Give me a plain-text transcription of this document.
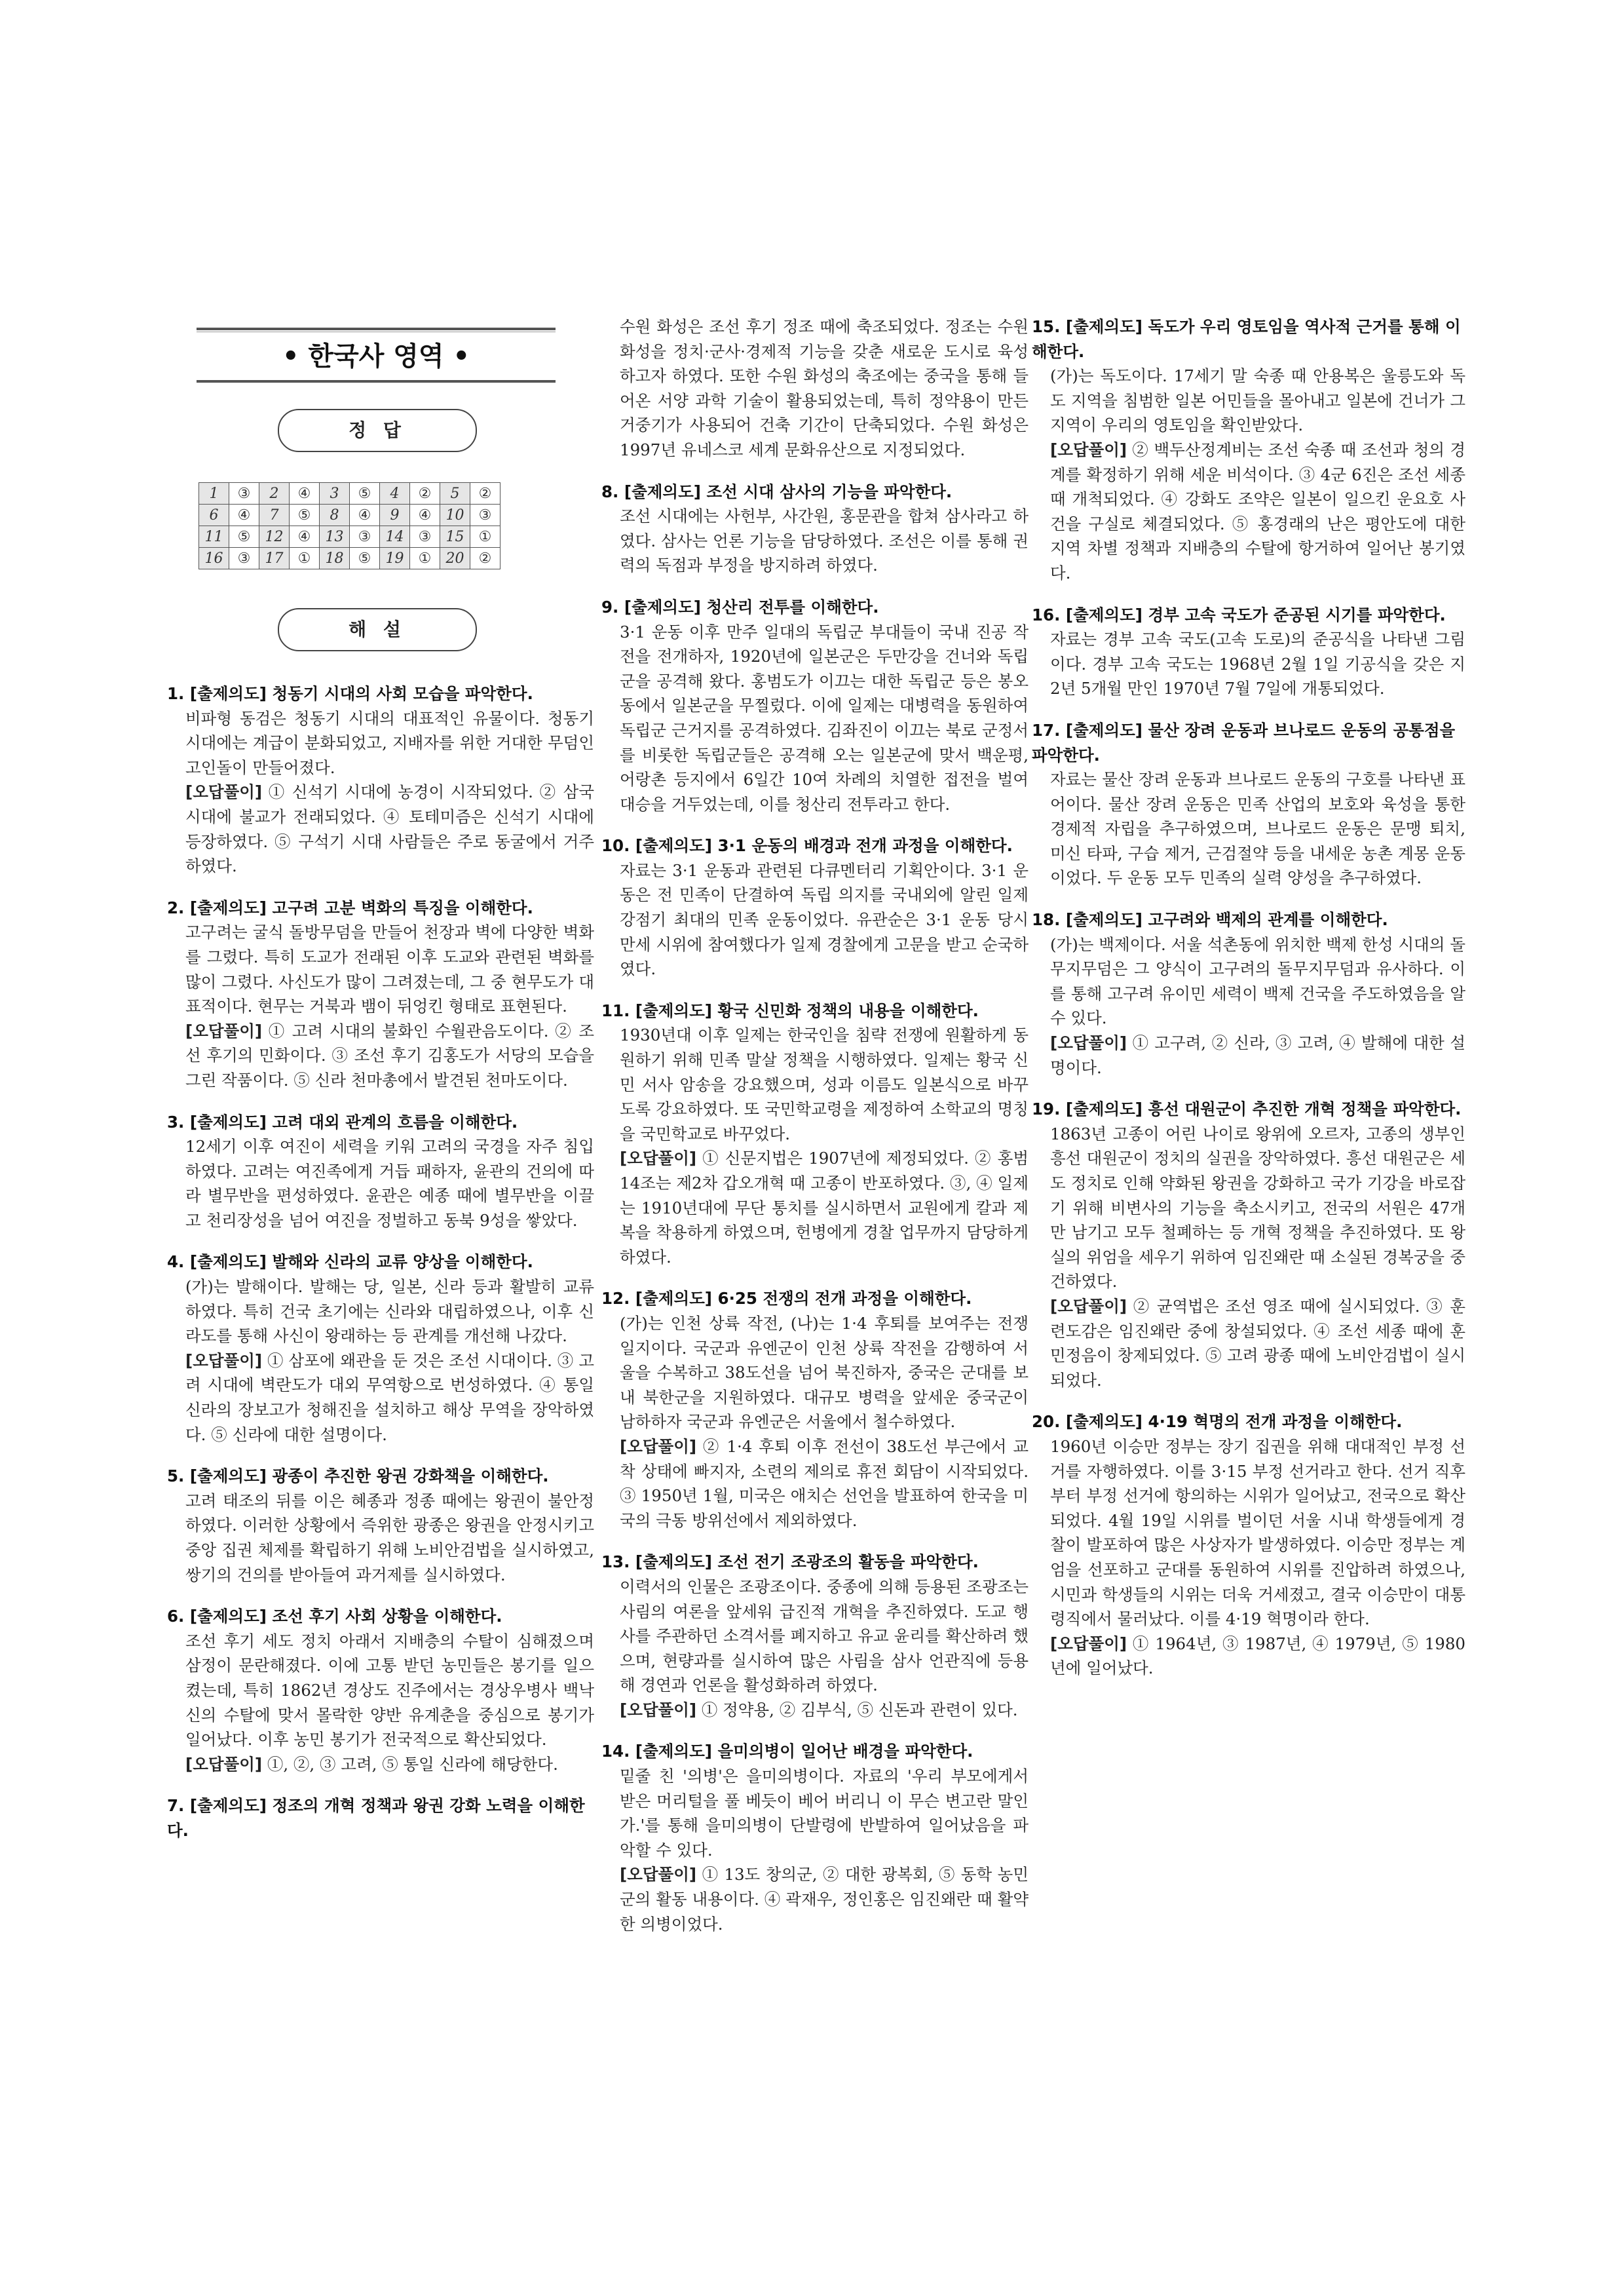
• 한국사 영역 •
정 답
1	③	2	④	3	⑤	4	②	5	②
6	④	7	⑤	8	④	9	④	10	③
11	⑤	12	④	13	③	14	③	15	①
16	③	17	①	18	⑤	19	①	20	②
해 설

1. [출제의도] 청동기 시대의 사회 모습을 파악한다.

비파형 동검은 청동기 시대의 대표적인 유물이다. 청동기 시대에는 계급이 분화되었고, 지배자를 위한 거대한 무덤인 고인돌이 만들어졌다.

[오답풀이] ① 신석기 시대에 농경이 시작되었다. ② 삼국 시대에 불교가 전래되었다. ④ 토테미즘은 신석기 시대에 등장하였다. ⑤ 구석기 시대 사람들은 주로 동굴에서 거주하였다.

2. [출제의도] 고구려 고분 벽화의 특징을 이해한다.

고구려는 굴식 돌방무덤을 만들어 천장과 벽에 다양한 벽화를 그렸다. 특히 도교가 전래된 이후 도교와 관련된 벽화를 많이 그렸다. 사신도가 많이 그려졌는데, 그 중 현무도가 대표적이다. 현무는 거북과 뱀이 뒤엉킨 형태로 표현된다.

[오답풀이] ① 고려 시대의 불화인 수월관음도이다. ② 조선 후기의 민화이다. ③ 조선 후기 김홍도가 서당의 모습을 그린 작품이다. ⑤ 신라 천마총에서 발견된 천마도이다.

3. [출제의도] 고려 대외 관계의 흐름을 이해한다.

12세기 이후 여진이 세력을 키워 고려의 국경을 자주 침입하였다. 고려는 여진족에게 거듭 패하자, 윤관의 건의에 따라 별무반을 편성하였다. 윤관은 예종 때에 별무반을 이끌고 천리장성을 넘어 여진을 정벌하고 동북 9성을 쌓았다.

4. [출제의도] 발해와 신라의 교류 양상을 이해한다.

(가)는 발해이다. 발해는 당, 일본, 신라 등과 활발히 교류하였다. 특히 건국 초기에는 신라와 대립하였으나, 이후 신라도를 통해 사신이 왕래하는 등 관계를 개선해 나갔다.

[오답풀이] ① 삼포에 왜관을 둔 것은 조선 시대이다. ③ 고려 시대에 벽란도가 대외 무역항으로 번성하였다. ④ 통일 신라의 장보고가 청해진을 설치하고 해상 무역을 장악하였다. ⑤ 신라에 대한 설명이다.

5. [출제의도] 광종이 추진한 왕권 강화책을 이해한다.

고려 태조의 뒤를 이은 혜종과 정종 때에는 왕권이 불안정하였다. 이러한 상황에서 즉위한 광종은 왕권을 안정시키고 중앙 집권 체제를 확립하기 위해 노비안검법을 실시하였고, 쌍기의 건의를 받아들여 과거제를 실시하였다.

6. [출제의도] 조선 후기 사회 상황을 이해한다.

조선 후기 세도 정치 아래서 지배층의 수탈이 심해졌으며 삼정이 문란해졌다. 이에 고통 받던 농민들은 봉기를 일으켰는데, 특히 1862년 경상도 진주에서는 경상우병사 백낙신의 수탈에 맞서 몰락한 양반 유계춘을 중심으로 봉기가 일어났다. 이후 농민 봉기가 전국적으로 확산되었다.

[오답풀이] ①, ②, ③ 고려, ⑤ 통일 신라에 해당한다.

7. [출제의도] 정조의 개혁 정책과 왕권 강화 노력을 이해한다.

수원 화성은 조선 후기 정조 때에 축조되었다. 정조는 수원 화성을 정치·군사·경제적 기능을 갖춘 새로운 도시로 육성하고자 하였다. 또한 수원 화성의 축조에는 중국을 통해 들어온 서양 과학 기술이 활용되었는데, 특히 정약용이 만든 거중기가 사용되어 건축 기간이 단축되었다. 수원 화성은 1997년 유네스코 세계 문화유산으로 지정되었다.

8. [출제의도] 조선 시대 삼사의 기능을 파악한다.

조선 시대에는 사헌부, 사간원, 홍문관을 합쳐 삼사라고 하였다. 삼사는 언론 기능을 담당하였다. 조선은 이를 통해 권력의 독점과 부정을 방지하려 하였다.

9. [출제의도] 청산리 전투를 이해한다.

3·1 운동 이후 만주 일대의 독립군 부대들이 국내 진공 작전을 전개하자, 1920년에 일본군은 두만강을 건너와 독립군을 공격해 왔다. 홍범도가 이끄는 대한 독립군 등은 봉오동에서 일본군을 무찔렀다. 이에 일제는 대병력을 동원하여 독립군 근거지를 공격하였다. 김좌진이 이끄는 북로 군정서를 비롯한 독립군들은 공격해 오는 일본군에 맞서 백운평, 어랑촌 등지에서 6일간 10여 차례의 치열한 접전을 벌여 대승을 거두었는데, 이를 청산리 전투라고 한다.

10. [출제의도] 3·1 운동의 배경과 전개 과정을 이해한다.

자료는 3·1 운동과 관련된 다큐멘터리 기획안이다. 3·1 운동은 전 민족이 단결하여 독립 의지를 국내외에 알린 일제 강점기 최대의 민족 운동이었다. 유관순은 3·1 운동 당시 만세 시위에 참여했다가 일제 경찰에게 고문을 받고 순국하였다.

11. [출제의도] 황국 신민화 정책의 내용을 이해한다.

1930년대 이후 일제는 한국인을 침략 전쟁에 원활하게 동원하기 위해 민족 말살 정책을 시행하였다. 일제는 황국 신민 서사 암송을 강요했으며, 성과 이름도 일본식으로 바꾸도록 강요하였다. 또 국민학교령을 제정하여 소학교의 명칭을 국민학교로 바꾸었다.

[오답풀이] ① 신문지법은 1907년에 제정되었다. ② 홍범 14조는 제2차 갑오개혁 때 고종이 반포하였다. ③, ④ 일제는 1910년대에 무단 통치를 실시하면서 교원에게 칼과 제복을 착용하게 하였으며, 헌병에게 경찰 업무까지 담당하게 하였다.

12. [출제의도] 6·25 전쟁의 전개 과정을 이해한다.

(가)는 인천 상륙 작전, (나)는 1·4 후퇴를 보여주는 전쟁 일지이다. 국군과 유엔군이 인천 상륙 작전을 감행하여 서울을 수복하고 38도선을 넘어 북진하자, 중국은 군대를 보내 북한군을 지원하였다. 대규모 병력을 앞세운 중국군이 남하하자 국군과 유엔군은 서울에서 철수하였다.

[오답풀이] ② 1·4 후퇴 이후 전선이 38도선 부근에서 교착 상태에 빠지자, 소련의 제의로 휴전 회담이 시작되었다. ③ 1950년 1월, 미국은 애치슨 선언을 발표하여 한국을 미국의 극동 방위선에서 제외하였다.

13. [출제의도] 조선 전기 조광조의 활동을 파악한다.

이력서의 인물은 조광조이다. 중종에 의해 등용된 조광조는 사림의 여론을 앞세워 급진적 개혁을 추진하였다. 도교 행사를 주관하던 소격서를 폐지하고 유교 윤리를 확산하려 했으며, 현량과를 실시하여 많은 사림을 삼사 언관직에 등용해 경연과 언론을 활성화하려 하였다.

[오답풀이] ① 정약용, ② 김부식, ⑤ 신돈과 관련이 있다.

14. [출제의도] 을미의병이 일어난 배경을 파악한다.

밑줄 친 '의병'은 을미의병이다. 자료의 '우리 부모에게서 받은 머리털을 풀 베듯이 베어 버리니 이 무슨 변고란 말인가.'를 통해 을미의병이 단발령에 반발하여 일어났음을 파악할 수 있다.

[오답풀이] ① 13도 창의군, ② 대한 광복회, ⑤ 동학 농민군의 활동 내용이다. ④ 곽재우, 정인홍은 임진왜란 때 활약한 의병이었다.

15. [출제의도] 독도가 우리 영토임을 역사적 근거를 통해 이해한다.

(가)는 독도이다. 17세기 말 숙종 때 안용복은 울릉도와 독도 지역을 침범한 일본 어민들을 몰아내고 일본에 건너가 그 지역이 우리의 영토임을 확인받았다.

[오답풀이] ② 백두산정계비는 조선 숙종 때 조선과 청의 경계를 확정하기 위해 세운 비석이다. ③ 4군 6진은 조선 세종 때 개척되었다. ④ 강화도 조약은 일본이 일으킨 운요호 사건을 구실로 체결되었다. ⑤ 홍경래의 난은 평안도에 대한 지역 차별 정책과 지배층의 수탈에 항거하여 일어난 봉기였다.

16. [출제의도] 경부 고속 국도가 준공된 시기를 파악한다.

자료는 경부 고속 국도(고속 도로)의 준공식을 나타낸 그림이다. 경부 고속 국도는 1968년 2월 1일 기공식을 갖은 지 2년 5개월 만인 1970년 7월 7일에 개통되었다.

17. [출제의도] 물산 장려 운동과 브나로드 운동의 공통점을 파악한다.

자료는 물산 장려 운동과 브나로드 운동의 구호를 나타낸 표어이다. 물산 장려 운동은 민족 산업의 보호와 육성을 통한 경제적 자립을 추구하였으며, 브나로드 운동은 문맹 퇴치, 미신 타파, 구습 제거, 근검절약 등을 내세운 농촌 계몽 운동이었다. 두 운동 모두 민족의 실력 양성을 추구하였다.

18. [출제의도] 고구려와 백제의 관계를 이해한다.

(가)는 백제이다. 서울 석촌동에 위치한 백제 한성 시대의 돌무지무덤은 그 양식이 고구려의 돌무지무덤과 유사하다. 이를 통해 고구려 유이민 세력이 백제 건국을 주도하였음을 알 수 있다.

[오답풀이] ① 고구려, ② 신라, ③ 고려, ④ 발해에 대한 설명이다.

19. [출제의도] 흥선 대원군이 추진한 개혁 정책을 파악한다.

1863년 고종이 어린 나이로 왕위에 오르자, 고종의 생부인 흥선 대원군이 정치의 실권을 장악하였다. 흥선 대원군은 세도 정치로 인해 약화된 왕권을 강화하고 국가 기강을 바로잡기 위해 비변사의 기능을 축소시키고, 전국의 서원은 47개만 남기고 모두 철폐하는 등 개혁 정책을 추진하였다. 또 왕실의 위엄을 세우기 위하여 임진왜란 때 소실된 경복궁을 중건하였다.

[오답풀이] ② 균역법은 조선 영조 때에 실시되었다. ③ 훈련도감은 임진왜란 중에 창설되었다. ④ 조선 세종 때에 훈민정음이 창제되었다. ⑤ 고려 광종 때에 노비안검법이 실시되었다.

20. [출제의도] 4·19 혁명의 전개 과정을 이해한다.

1960년 이승만 정부는 장기 집권을 위해 대대적인 부정 선거를 자행하였다. 이를 3·15 부정 선거라고 한다. 선거 직후부터 부정 선거에 항의하는 시위가 일어났고, 전국으로 확산되었다. 4월 19일 시위를 벌이던 서울 시내 학생들에게 경찰이 발포하여 많은 사상자가 발생하였다. 이승만 정부는 계엄을 선포하고 군대를 동원하여 시위를 진압하려 하였으나, 시민과 학생들의 시위는 더욱 거세졌고, 결국 이승만이 대통령직에서 물러났다. 이를 4·19 혁명이라 한다.

[오답풀이] ① 1964년, ③ 1987년, ④ 1979년, ⑤ 1980년에 일어났다.
